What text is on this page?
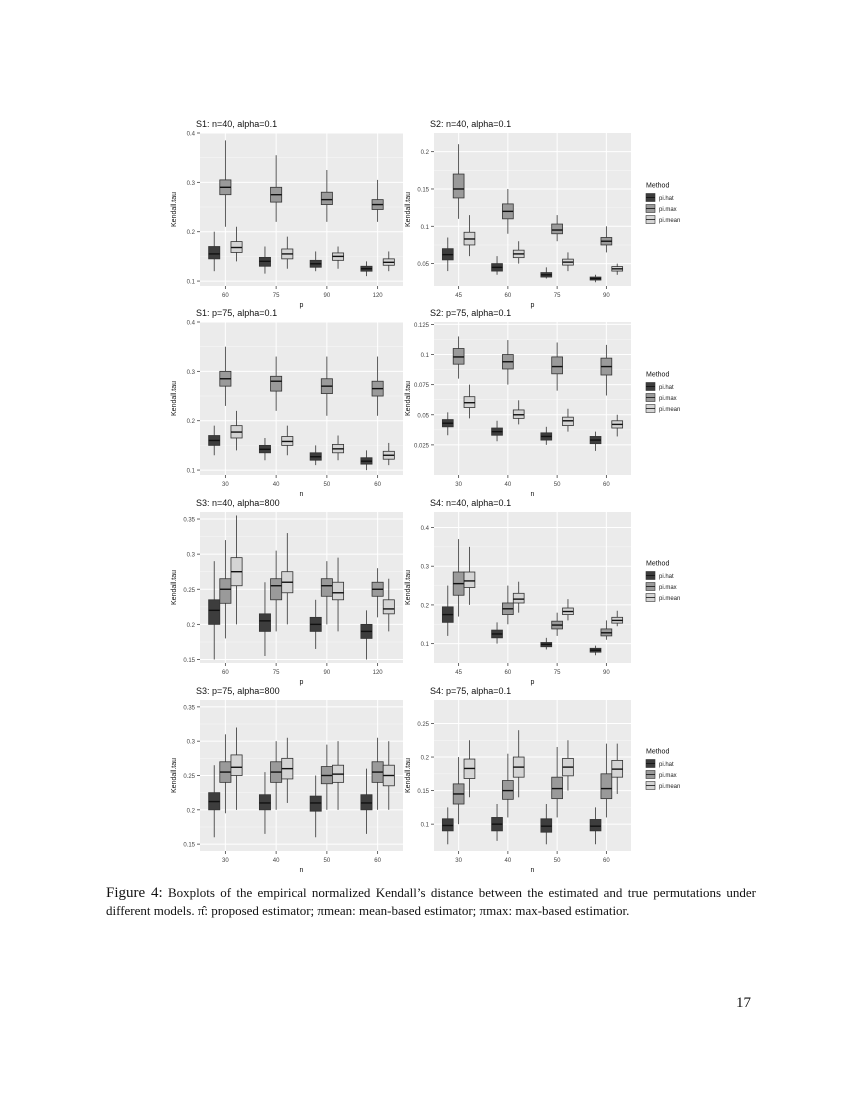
S1: n=40, alpha=0.1
0.1
0.2
0.3
0.4
60	75	90	120
p
Kendall.tau
S2: n=40, alpha=0.1
0.05
0.1
0.15
0.2
45	60	75	90
p
Kendall.tau
Method
pi.hat
pi.max
pi.mean
S1: p=75, alpha=0.1
0.1
0.2
0.3
0.4
30	40	50	60
n
Kendall.tau
S2: p=75, alpha=0.1
0.025
0.05
0.075
0.1
0.125
30	40	50	60
n
Kendall.tau
Method
pi.hat
pi.max
pi.mean
S3: n=40, alpha=800
0.15
0.2
0.25
0.3
0.35
60	75	90	120
p
Kendall.tau
S4: n=40, alpha=0.1
0.1
0.2
0.3
0.4
45	60	75	90
p
Kendall.tau
Method
pi.hat
pi.max
pi.mean
S3: p=75, alpha=800
0.15
0.2
0.25
0.3
0.35
30	40	50	60
n
Kendall.tau
S4: p=75, alpha=0.1
0.1
0.15
0.2
0.25
30	40	50	60
n
Kendall.tau
Method
pi.hat
pi.max
pi.mean
Figure 4: Boxplots of the empirical normalized Kendall’s distance between the estimated and true permutations under different models. π̂: proposed estimator; πmean: mean-based estimator; πmax: max-based estimatior.
17
